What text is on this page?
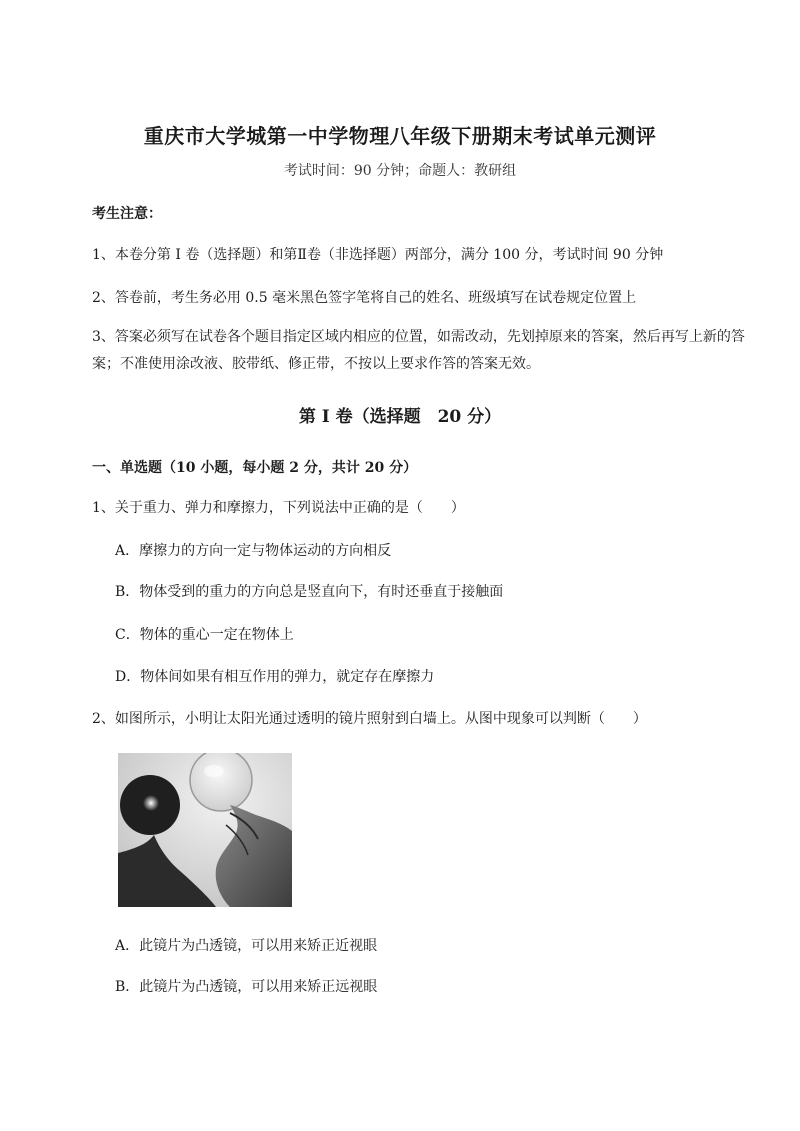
重庆市大学城第一中学物理八年级下册期末考试单元测评
考试时间：90 分钟；命题人：教研组
考生注意：
1、本卷分第 I 卷（选择题）和第Ⅱ卷（非选择题）两部分，满分 100 分，考试时间 90 分钟
2、答卷前，考生务必用 0.5 毫米黑色签字笔将自己的姓名、班级填写在试卷规定位置上
3、答案必须写在试卷各个题目指定区域内相应的位置，如需改动，先划掉原来的答案，然后再写上新的答案；不准使用涂改液、胶带纸、修正带，不按以上要求作答的答案无效。
第 I 卷（选择题　20 分）
一、单选题（10 小题，每小题 2 分，共计 20 分）
1、关于重力、弹力和摩擦力，下列说法中正确的是（　　）
A．摩擦力的方向一定与物体运动的方向相反
B．物体受到的重力的方向总是竖直向下，有时还垂直于接触面
C．物体的重心一定在物体上
D．物体间如果有相互作用的弹力，就定存在摩擦力
2、如图所示，小明让太阳光通过透明的镜片照射到白墙上。从图中现象可以判断（　　）
A．此镜片为凸透镜，可以用来矫正近视眼
B．此镜片为凸透镜，可以用来矫正远视眼
